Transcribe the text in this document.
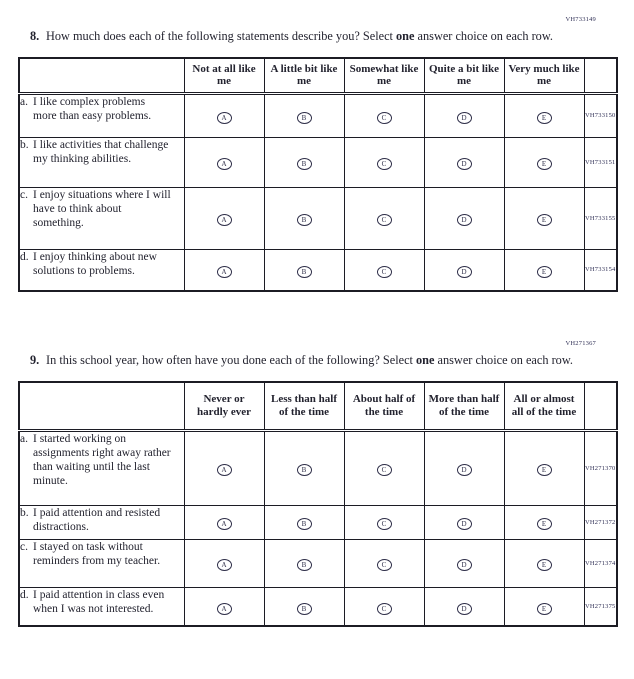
VH733149
8. How much does each of the following statements describe you? Select one answer choice on each row.
	Not at all like me	A little bit like me	Somewhat like me	Quite a bit like me	Very much like me	
a. I like complex problems more than easy problems.	A	B	C	D	E	VH733150
b. I like activities that challenge my thinking abilities.	A	B	C	D	E	VH733151
c. I enjoy situations where I will have to think about something.	A	B	C	D	E	VH733155
d. I enjoy thinking about new solutions to problems.	A	B	C	D	E	VH733154
VH271367
9. In this school year, how often have you done each of the following? Select one answer choice on each row.
	Never or hardly ever	Less than half of the time	About half of the time	More than half of the time	All or almost all of the time	
a. I started working on assignments right away rather than waiting until the last minute.	A	B	C	D	E	VH271370
b. I paid attention and resisted distractions.	A	B	C	D	E	VH271372
c. I stayed on task without reminders from my teacher.	A	B	C	D	E	VH271374
d. I paid attention in class even when I was not interested.	A	B	C	D	E	VH271375
